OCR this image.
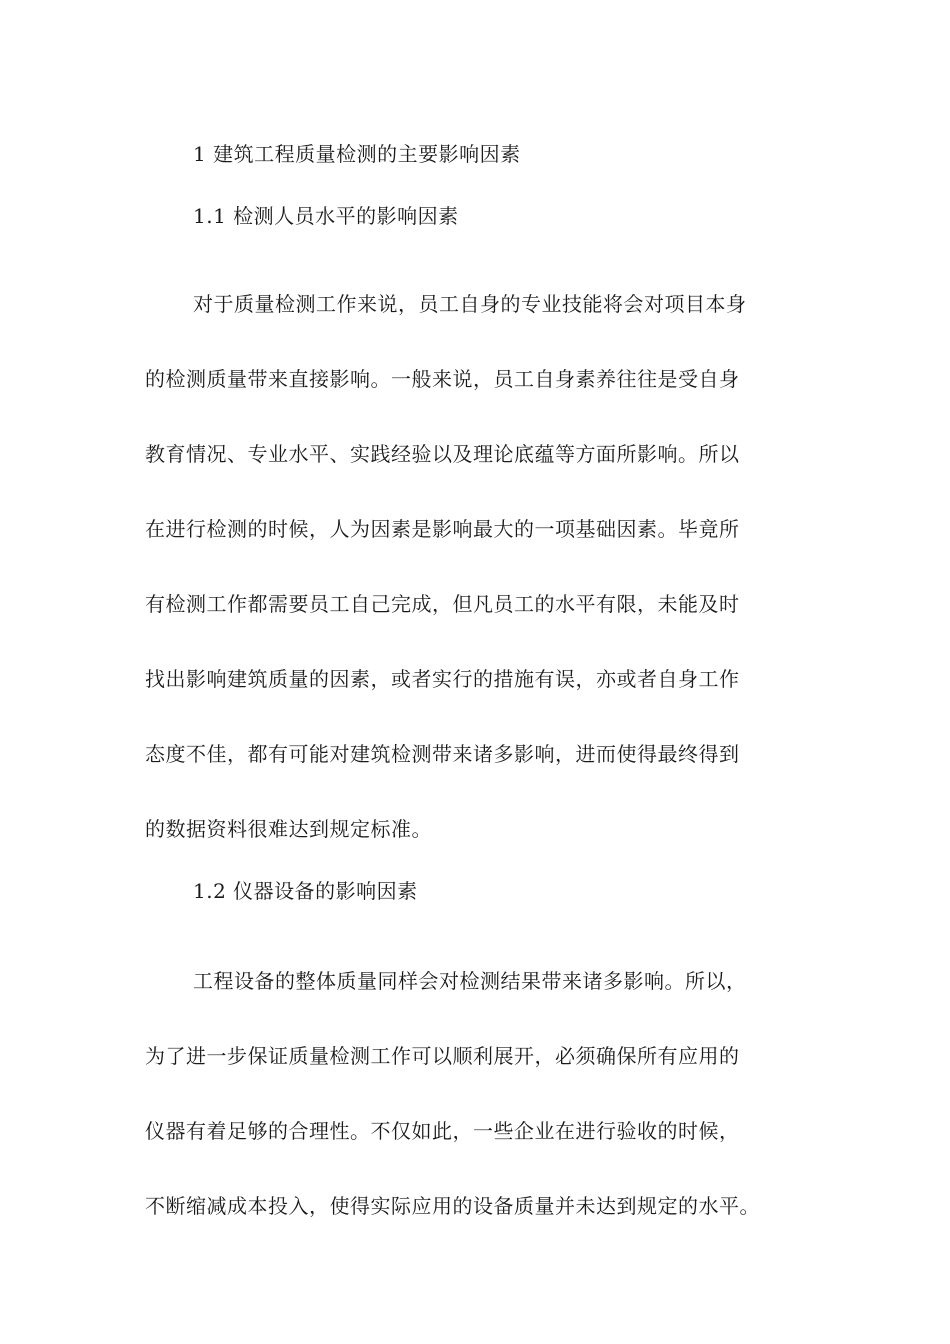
1 建筑工程质量检测的主要影响因素
1.1 检测人员水平的影响因素
对于质量检测工作来说，员工自身的专业技能将会对项目本身
的检测质量带来直接影响。一般来说，员工自身素养往往是受自身
教育情况、专业水平、实践经验以及理论底蕴等方面所影响。所以
在进行检测的时候，人为因素是影响最大的一项基础因素。毕竟所
有检测工作都需要员工自己完成，但凡员工的水平有限，未能及时
找出影响建筑质量的因素，或者实行的措施有误，亦或者自身工作
态度不佳，都有可能对建筑检测带来诸多影响，进而使得最终得到
的数据资料很难达到规定标准。
1.2 仪器设备的影响因素
工程设备的整体质量同样会对检测结果带来诸多影响。所以，
为了进一步保证质量检测工作可以顺利展开，必须确保所有应用的
仪器有着足够的合理性。不仅如此，一些企业在进行验收的时候，
不断缩减成本投入，使得实际应用的设备质量并未达到规定的水平。
